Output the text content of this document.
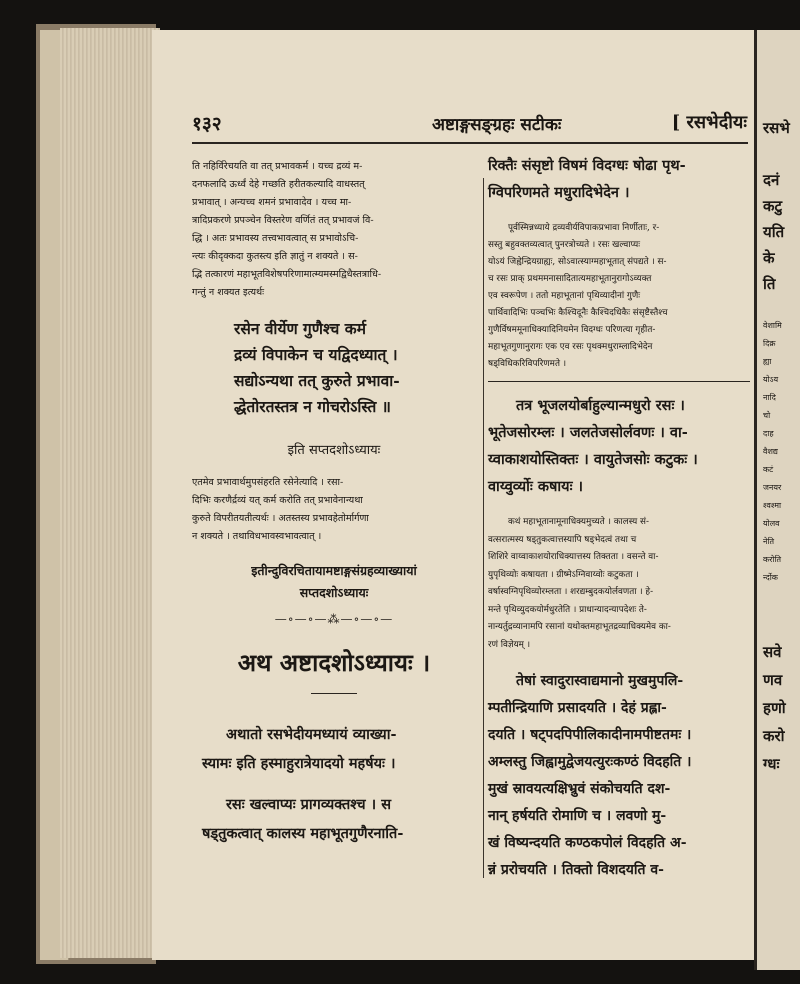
१३२	अष्टाङ्गसङ्ग्रहः सटीकः	[ रसभेदीयः

ति नहिर्विरेचयति वा तत् प्रभावकर्म । यच्च द्रव्यं म-

दनफलादि ऊर्ध्वं देहे गच्छति हरीतकल्यादि वाधस्तत्

प्रभावात् । अन्यच्च शमनं प्रभावादेव । यच्च मा-

त्रादिप्रकरणे प्रपञ्चेन विस्तरेण वर्णितं तत् प्रभावजं वि-

द्धि । अतः प्रभावस्य तत्त्वभावत्वात् स प्रभावोऽचि-

न्त्यः कीदृक्कदा कुतस्त्य इति ज्ञातुं न शक्यते । स-

द्भि तत्कारणं महाभूतविशेषपरिणामात्म्यमस्मद्विधैस्तत्राधि-

गन्तुं न शक्यत इत्यर्थः

रसेन वीर्येण गुणैश्च कर्म

द्रव्यं विपाकेन च यद्विदध्यात् ।

सद्योऽन्यथा तत् कुरुते प्रभावा-

द्धेतोरतस्तत्र न गोचरोऽस्ति ॥

इति सप्तदशोऽध्यायः

एतमेव प्रभावार्थमुपसंहरति रसेनेत्यादि । रसा-

दिभिः करणैर्द्रव्यं यत् कर्म करोति तत् प्रभावेनान्यथा

कुरुते विपरीतयतीत्यर्थः । अतस्तस्य प्रभावहेतोर्मार्गणा

न शक्यते । तथाविधभावस्वभावत्वात् ।

इतीन्दुविरचितायामष्टाङ्गसंग्रहव्याख्यायां

सप्तदशोऽध्यायः

—∘—∘—⁂—∘—∘—

अथ अष्टादशोऽध्यायः ।

अथातो रसभेदीयमध्यायं व्याख्या-

स्यामः इति हस्माहुरात्रेयादयो महर्षयः ।

रसः खल्वाप्यः प्रागव्यक्तश्च । स

षड्तुकत्वात् कालस्य महाभूतगुणैरनाति-

रिक्तैः संसृष्टो विषमं विदग्धः षोढा पृथ-

ग्विपरिणमते मधुरादिभेदेन ।

पूर्वस्मिन्नध्याये द्रव्यवीर्यविपाकप्रभावा निर्णीताः, र-

सस्तु बहुवक्तव्यत्वात् पुनरत्रोच्यते । रसः खल्वाप्यः

योऽयं जिह्वेन्द्रियग्राह्यः, सोऽवात्स्याग्महाभूतात् संपद्यते । स-

च रसः प्राक् प्रथममनासादितात्यमहाभूतानुरागोऽव्यक्त

एव स्वरूपेण । ततो महाभूतानां पृथिव्यादीनां गुणैः

पार्थिवादिभिः पञ्चभिः कैश्चिदूनैः कैश्चिदधिकैः संसृष्टैस्तैश्च

गुणैर्विषममूनाधिक्यादिनियमेन विदग्धः परिणत्या गृहीत-

महाभूतगुणानुरागः एक एव रसः पृथक्मधुराम्लादिभेदेन

षड्विधिकरिविपरिणमते ।

तत्र भूजलयोर्बाहुल्यान्मधुरो रसः ।

भूतेजसोरम्लः । जलतेजसोर्लवणः । वा-

य्वाकाशयोस्तिक्तः । वायुतेजसोः कटुकः ।

वाय्वुर्व्योः कषायः ।

कथं महाभूतानामूनाधिक्यमुच्यते । कालस्य सं-

वत्सरात्मस्य षड्तुकत्वात्तस्यापि षड्भेदत्वं तथा च

शिशिरे वाय्वाकाशयोराधिक्यात्तस्य तिक्तता । वसन्ते वा-

युपृथिव्योः कषायता । ग्रीष्मेऽग्निवाय्वोः कटुकता ।

वर्षास्वग्निपृथिव्योरम्लता । शरद्यम्बुदकयोर्लवणता । हे-

मन्ते पृथिव्युदकयोर्मधुरतेति । प्राधान्यादन्यापदेशः ते-

नान्यर्तुद्रव्यानामपि रसानां यथोक्तमहाभूतद्रव्याधिक्यमेव का-

रणं विज्ञेयम् ।

तेषां स्वादुरास्वाद्यमानो मुखमुपलि-

म्पतीन्द्रियाणि प्रसादयति । देहं प्रह्ला-

दयति । षट्पदपिपीलिकादीनामपीष्टतमः ।

अम्लस्तु जिह्वामुद्वेजयत्युरःकण्ठं विदहति ।

मुखं स्रावयत्यक्षिभ्रुवं संकोचयति दश-

नान् हर्षयति रोमाणि च । लवणो मु-

खं विष्यन्दयति कण्ठकपोलं विदहति अ-

न्नं प्ररोचयति । तिक्तो विशदयति व-

रसभे
दनं
कटु
यति
के
ति
वेशामि
दिक्र
ह्या
योऽय
नादि
चो
दाह
वैशद्य
कटं
जनयर
श्वश्मा
योलव
नेति
करोति
र्न्दोक
सवे
णव
हणो
करो
ग्धः
